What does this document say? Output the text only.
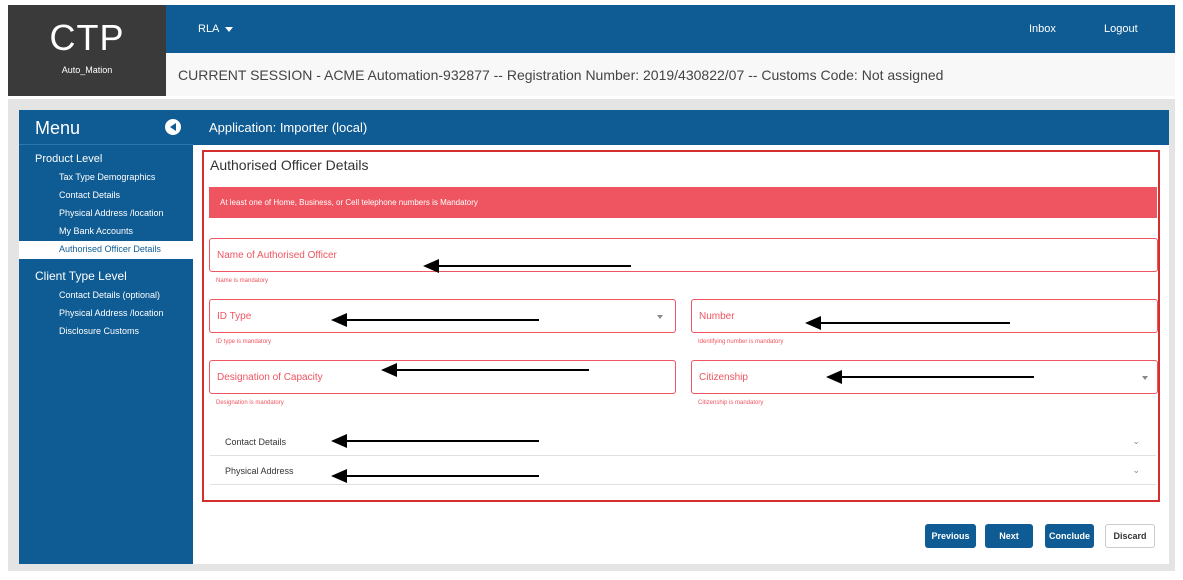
CTP
Auto_Mation
RLA	Inbox	Logout
CURRENT SESSION - ACME Automation-932877 -- Registration Number: 2019/430822/07 -- Customs Code: Not assigned
Menu
Product Level
Tax Type Demographics
Contact Details
Physical Address /location
My Bank Accounts
Authorised Officer Details
Client Type Level
Contact Details (optional)
Physical Address /location
Disclosure Customs
Application: Importer (local)
Authorised Officer Details
At least one of Home, Business, or Cell telephone numbers is Mandatory
Name of Authorised Officer
Name is mandatory
ID Type
ID type is mandatory
Number
Identifying number is mandatory
Designation of Capacity
Designation is mandatory
Citizenship
Citizenship is mandatory
Contact Details	⌄
Physical Address	⌄
Previous	Next	Conclude	Discard
